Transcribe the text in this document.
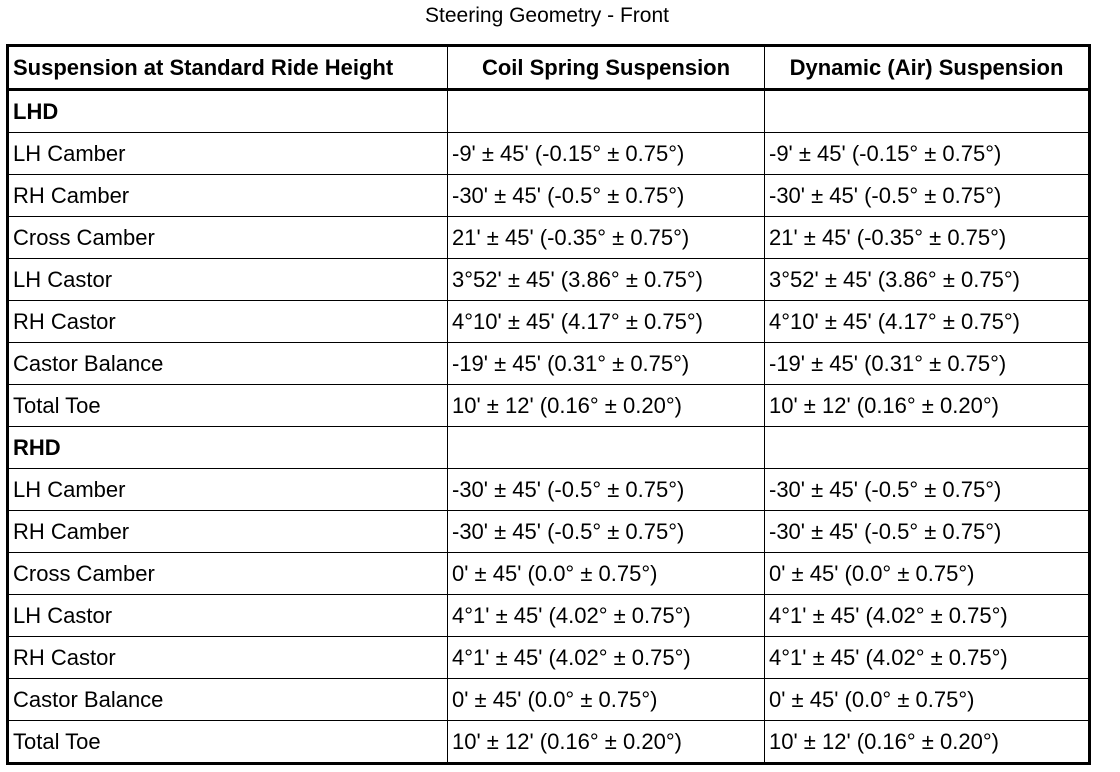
Steering Geometry - Front
Suspension at Standard Ride Height	Coil Spring Suspension	Dynamic (Air) Suspension
LHD		
LH Camber	-9' ± 45' (-0.15° ± 0.75°)	-9' ± 45' (-0.15° ± 0.75°)
RH Camber	-30' ± 45' (-0.5° ± 0.75°)	-30' ± 45' (-0.5° ± 0.75°)
Cross Camber	21' ± 45' (-0.35° ± 0.75°)	21' ± 45' (-0.35° ± 0.75°)
LH Castor	3°52' ± 45' (3.86° ± 0.75°)	3°52' ± 45' (3.86° ± 0.75°)
RH Castor	4°10' ± 45' (4.17° ± 0.75°)	4°10' ± 45' (4.17° ± 0.75°)
Castor Balance	-19' ± 45' (0.31° ± 0.75°)	-19' ± 45' (0.31° ± 0.75°)
Total Toe	10' ± 12' (0.16° ± 0.20°)	10' ± 12' (0.16° ± 0.20°)
RHD		
LH Camber	-30' ± 45' (-0.5° ± 0.75°)	-30' ± 45' (-0.5° ± 0.75°)
RH Camber	-30' ± 45' (-0.5° ± 0.75°)	-30' ± 45' (-0.5° ± 0.75°)
Cross Camber	0' ± 45' (0.0° ± 0.75°)	0' ± 45' (0.0° ± 0.75°)
LH Castor	4°1' ± 45' (4.02° ± 0.75°)	4°1' ± 45' (4.02° ± 0.75°)
RH Castor	4°1' ± 45' (4.02° ± 0.75°)	4°1' ± 45' (4.02° ± 0.75°)
Castor Balance	0' ± 45' (0.0° ± 0.75°)	0' ± 45' (0.0° ± 0.75°)
Total Toe	10' ± 12' (0.16° ± 0.20°)	10' ± 12' (0.16° ± 0.20°)
